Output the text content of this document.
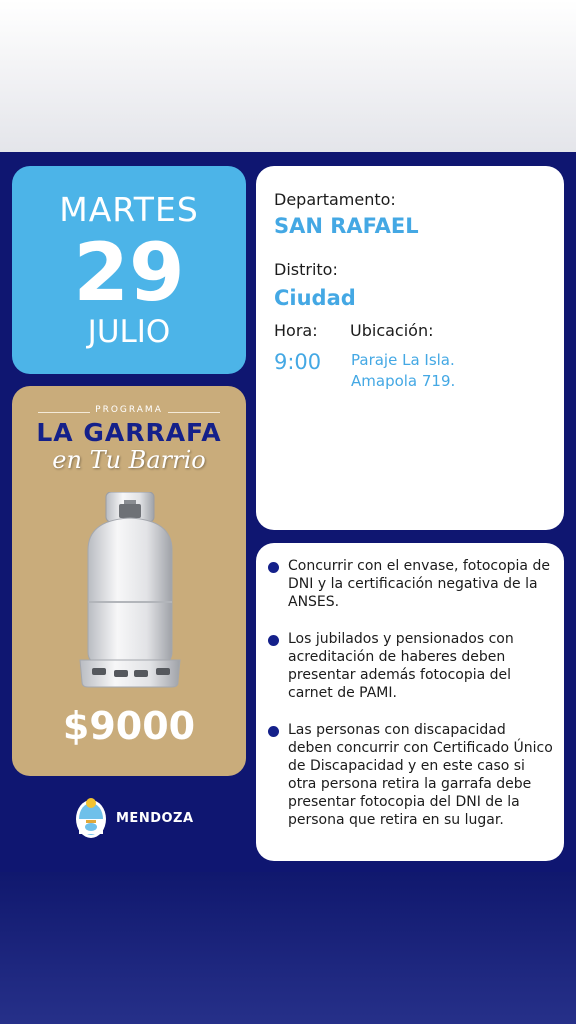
MARTES
29
JULIO
PROGRAMA
LA GARRAFA
en Tu Barrio
$9000
MENDOZA
Departamento:
SAN RAFAEL
Distrito:
Ciudad
Hora: Ubicación:
9:00 Paraje La Isla.
Amapola 719.
Concurrir con el envase, fotocopia de DNI y la certificación negativa de la ANSES.
Los jubilados y pensionados con acreditación de haberes deben presentar además fotocopia del carnet de PAMI.
Las personas con discapacidad deben concurrir con Certificado Único de Discapacidad y en este caso si otra persona retira la garrafa debe presentar fotocopia del DNI de la persona que retira en su lugar.
